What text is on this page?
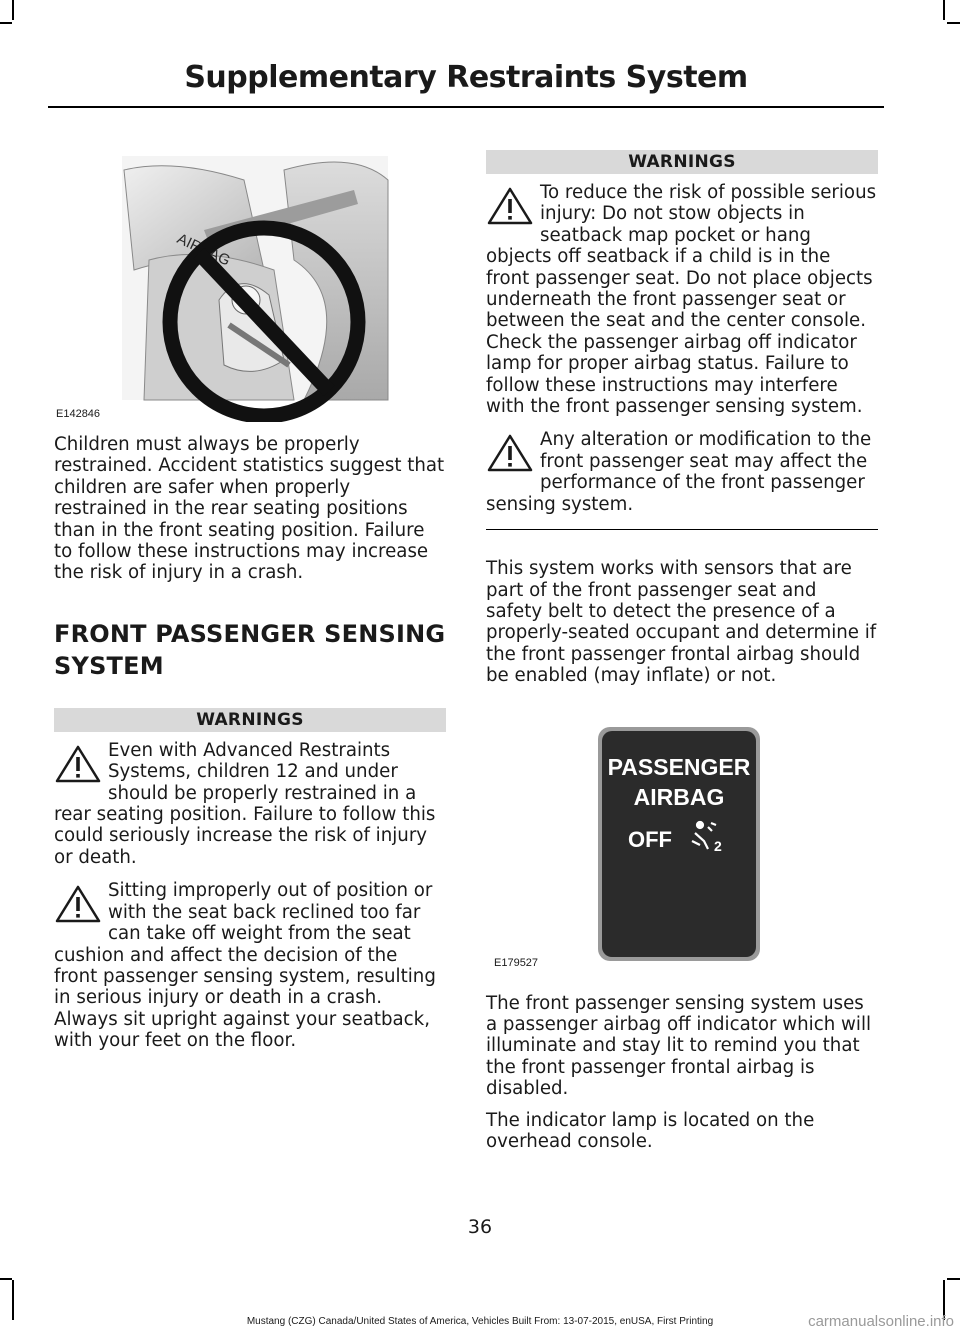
Supplementary Restraints System
E142846

Children must always be properly restrained. Accident statistics suggest that children are safer when properly restrained in the rear seating positions than in the front seating position. Failure to follow these instructions may increase the risk of injury in a crash.

FRONT PASSENGER SENSING SYSTEM
WARNINGS
Even with Advanced Restraints Systems, children 12 and under should be properly restrained in a rear seating position. Failure to follow this could seriously increase the risk of injury or death.
Sitting improperly out of position or with the seat back reclined too far can take off weight from the seat cushion and affect the decision of the front passenger sensing system, resulting in serious injury or death in a crash. Always sit upright against your seatback, with your feet on the floor.
WARNINGS
To reduce the risk of possible serious injury: Do not stow objects in seatback map pocket or hang objects off seatback if a child is in the front passenger seat. Do not place objects underneath the front passenger seat or between the seat and the center console. Check the passenger airbag off indicator lamp for proper airbag status. Failure to follow these instructions may interfere with the front passenger sensing system.
Any alteration or modification to the front passenger seat may affect the performance of the front passenger sensing system.

This system works with sensors that are part of the front passenger seat and safety belt to detect the presence of a properly-seated occupant and determine if the front passenger frontal airbag should be enabled (may inflate) or not.

PASSENGER
AIRBAG
OFF	2
E179527

The front passenger sensing system uses a passenger airbag off indicator which will illuminate and stay lit to remind you that the front passenger frontal airbag is disabled.

The indicator lamp is located on the overhead console.

36
Mustang (CZG) Canada/United States of America, Vehicles Built From: 13-07-2015, enUSA, First Printing	carmanualsonline.info
